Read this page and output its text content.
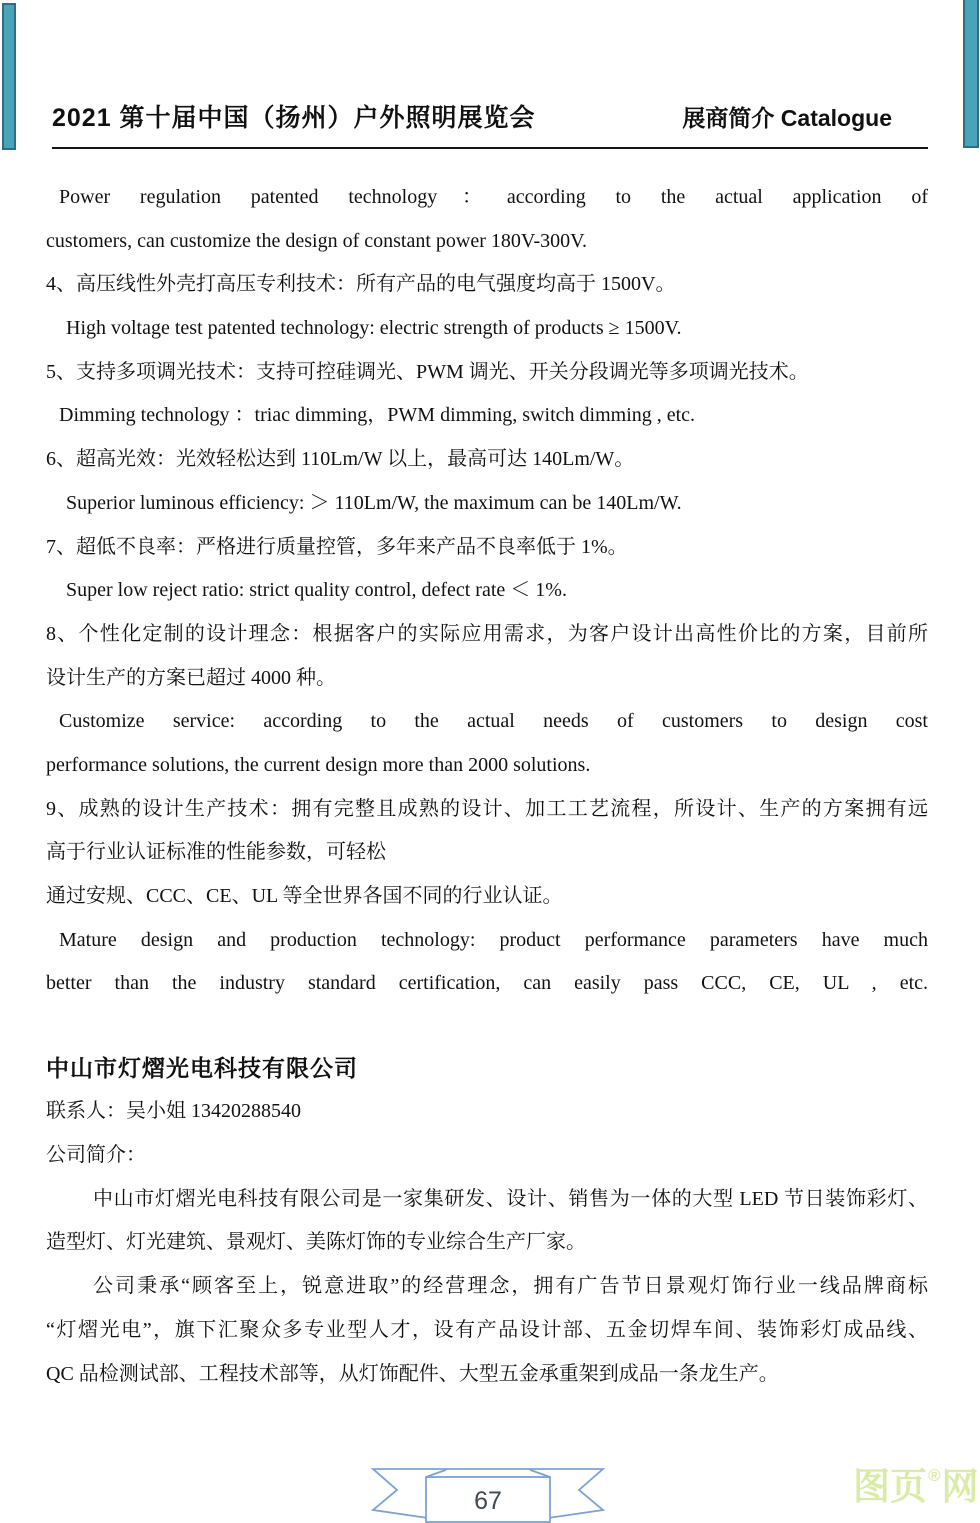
2021 第十届中国（扬州）户外照明展览会	展商简介 Catalogue
Power regulation patented technology：according to the actual application of
customers, can customize the design of constant power 180V-300V.
4、高压线性外壳打高压专利技术：所有产品的电气强度均高于 1500V。
High voltage test patented technology: electric strength of products ≥ 1500V.
5、支持多项调光技术：支持可控硅调光、PWM 调光、开关分段调光等多项调光技术。
Dimming technology ：triac dimming，PWM dimming, switch dimming , etc.
6、超高光效：光效轻松达到 110Lm/W 以上，最高可达 140Lm/W。
Superior luminous efficiency: ＞ 110Lm/W, the maximum can be 140Lm/W.
7、超低不良率：严格进行质量控管，多年来产品不良率低于 1%。
Super low reject ratio: strict quality control, defect rate ＜ 1%.
8、个性化定制的设计理念：根据客户的实际应用需求，为客户设计出高性价比的方案，目前所
设计生产的方案已超过 4000 种。
Customize service: according to the actual needs of customers to design cost
performance solutions, the current design more than 2000 solutions.
9、成熟的设计生产技术：拥有完整且成熟的设计、加工工艺流程，所设计、生产的方案拥有远
高于行业认证标准的性能参数，可轻松
通过安规、CCC、CE、UL 等全世界各国不同的行业认证。
Mature design and production technology: product performance parameters have much
better than the industry standard certification, can easily pass CCC, CE, UL , etc.
中山市灯熠光电科技有限公司
联系人：吴小姐 13420288540
公司简介：
中山市灯熠光电科技有限公司是一家集研发、设计、销售为一体的大型 LED 节日装饰彩灯、
造型灯、灯光建筑、景观灯、美陈灯饰的专业综合生产厂家。
公司秉承“顾客至上，锐意进取”的经营理念，拥有广告节日景观灯饰行业一线品牌商标
“灯熠光电”，旗下汇聚众多专业型人才，设有产品设计部、五金切焊车间、装饰彩灯成品线、
QC 品检测试部、工程技术部等，从灯饰配件、大型五金承重架到成品一条龙生产。
67	图页®网
